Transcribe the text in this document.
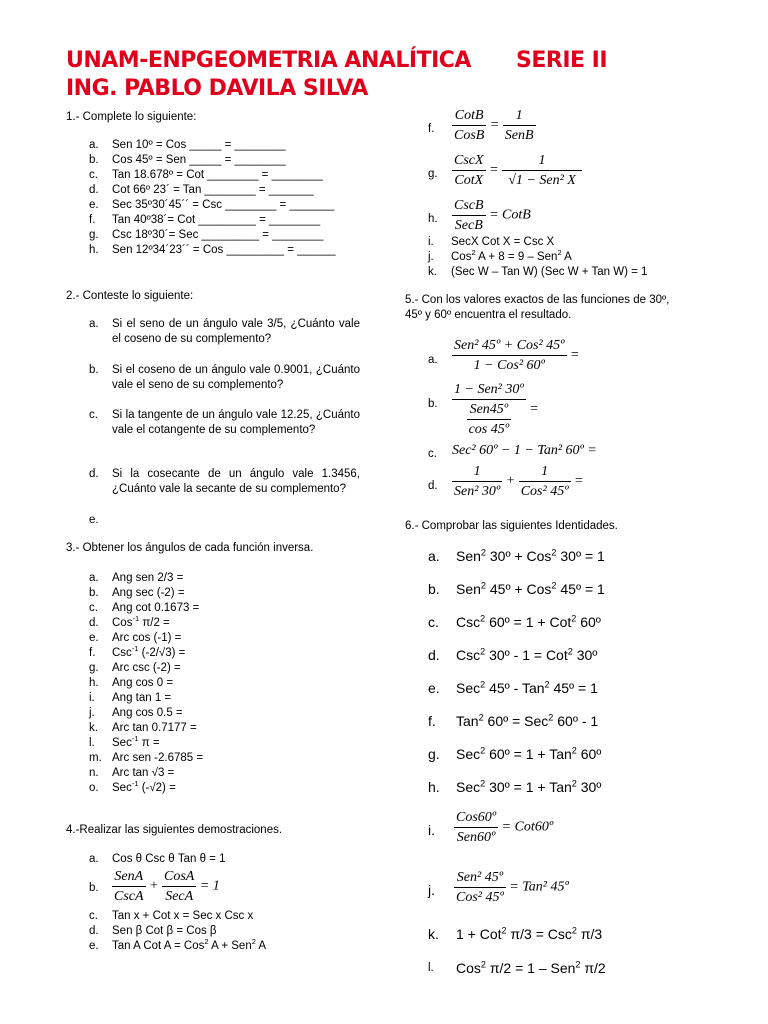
UNAM-ENPGEOMETRIA ANALÍTICA SERIE II
ING. PABLO DAVILA SILVA
1.- Complete lo siguiente:
a. Sen 10º = Cos _____ = ________
b. Cos 45º = Sen _____ = ________
c. Tan 18.678º = Cot ________ = ________
d. Cot 66º 23´ = Tan ________ = _______
e. Sec 35º30´45´´ = Csc ________ = _______
f. Tan 40º38´= Cot _________ = ________
g. Csc 18º30´= Sec _________ = ________
h. Sen 12º34´23´´ = Cos _________ = ______
2.- Conteste lo siguiente:
a. Si el seno de un ángulo vale 3/5, ¿Cuánto vale el coseno de su complemento?
b. Si el coseno de un ángulo vale 0.9001, ¿Cuánto vale el seno de su complemento?
c. Si la tangente de un ángulo vale 12.25, ¿Cuánto vale el cotangente de su complemento?
d. Si la cosecante de un ángulo vale 1.3456, ¿Cuánto vale la secante de su complemento?
e.
3.- Obtener los ángulos de cada función inversa.
a. Ang sen 2/3 =
b. Ang sec (-2) =
c. Ang cot 0.1673 =
d. Cos$^{-1}$ π/2 =
e. Arc cos (-1) =
f. Csc$^{-1}$ (-2/√3) =
g. Arc csc (-2) =
h. Ang cos 0 =
i. Ang tan 1 =
j. Ang cos 0.5 =
k. Arc tan 0.7177 =
l. Sec$^{-1}$ π =
m. Arc sen -2.6785 =
n. Arc tan √3 =
o. Sec$^{-1}$ (-√2) =
4.-Realizar las siguientes demostraciones.
a. Cos θ Csc θ Tan θ = 1
b. $\frac{\text{SenA}}{\text{CscA}} + \frac{\text{CosA}}{\text{SecA}} = 1$
c. Tan x + Cot x = Sec x Csc x
d. Sen β Cot β = Cos β
e. Tan A Cot A = Cos$^2$ A + Sen$^2$ A
f. $\frac{\text{CotB}}{\text{CosB}} = \frac{1}{\text{SenB}}$
g. $\frac{\text{CscX}}{\text{CotX}} = \frac{1}{\text{√1 − Sen² X}}$
h. $\frac{\text{CscB}}{\text{SecB}}$ = CotB
i. SecX Cot X = Csc X
j. Cos$^2$ A + 8 = 9 – Sen$^2$ A
k. (Sec W – Tan W) (Sec W + Tan W) = 1
5.- Con los valores exactos de las funciones de 30º,
45º y 60º encuentra el resultado.
a. $\frac{\text{Sen² 45º + Cos² 45º}}{\text{1 − Cos² 60º}}$ =
b. $\frac{\text{1 − Sen² 30º}}{\frac{\text{Sen45º}}{\text{cos 45º}}}$ =
c. Sec² 60º − 1 − Tan² 60º =
d. $\frac{1}{\text{Sen² 30º}} + \frac{1}{\text{Cos² 45º}}$ =
6.- Comprobar las siguientes Identidades.
a. Sen$^2$ 30º + Cos$^2$ 30º = 1
b. Sen$^2$ 45º + Cos$^2$ 45º = 1
c. Csc$^2$ 60º = 1 + Cot$^2$ 60º
d. Csc$^2$ 30º - 1 = Cot$^2$ 30º
e. Sec$^2$ 45º - Tan$^2$ 45º = 1
f. Tan$^2$ 60º = Sec$^2$ 60º - 1
g. Sec$^2$ 60º = 1 + Tan$^2$ 60º
h. Sec$^2$ 30º = 1 + Tan$^2$ 30º
i. $\frac{\text{Cos60º}}{\text{Sen60º}}$ = Cot60º
j. $\frac{\text{Sen² 45º}}{\text{Cos² 45º}} = Tan^2$ 45º
k. 1 + Cot$^2$ π/3 = Csc$^2$ π/3
l. Cos$^2$ π/2 = 1 – Sen$^2$ π/2
